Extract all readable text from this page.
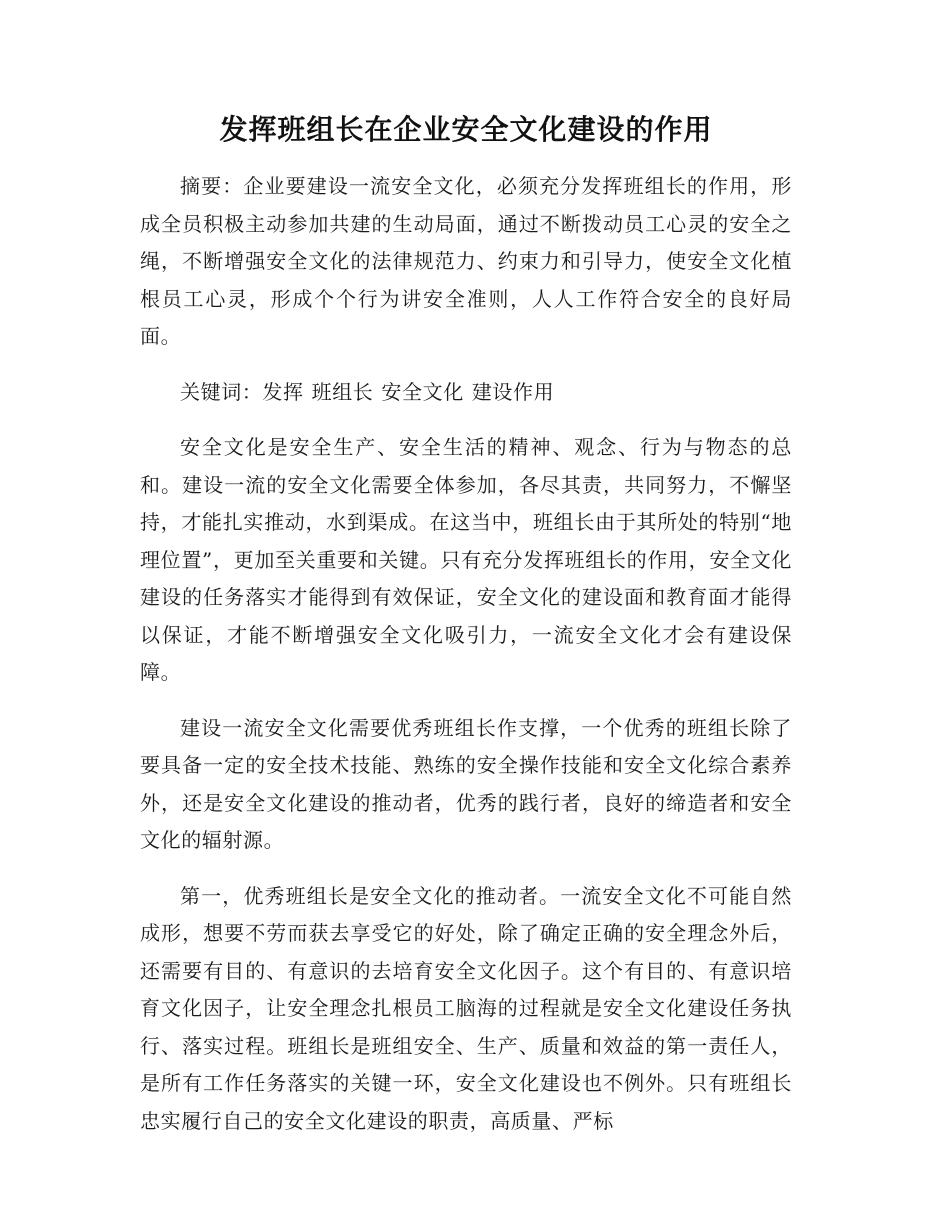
发挥班组长在企业安全文化建设的作用

摘要：企业要建设一流安全文化，必须充分发挥班组长的作用，形成全员积极主动参加共建的生动局面，通过不断拨动员工心灵的安全之绳，不断增强安全文化的法律规范力、约束力和引导力，使安全文化植根员工心灵，形成个个行为讲安全准则，人人工作符合安全的良好局面。

关键词：发挥 班组长 安全文化 建设作用

安全文化是安全生产、安全生活的精神、观念、行为与物态的总和。建设一流的安全文化需要全体参加，各尽其责，共同努力，不懈坚持，才能扎实推动，水到渠成。在这当中，班组长由于其所处的特别“地理位置”，更加至关重要和关键。只有充分发挥班组长的作用，安全文化建设的任务落实才能得到有效保证，安全文化的建设面和教育面才能得以保证，才能不断增强安全文化吸引力，一流安全文化才会有建设保障。

建设一流安全文化需要优秀班组长作支撑，一个优秀的班组长除了要具备一定的安全技术技能、熟练的安全操作技能和安全文化综合素养外，还是安全文化建设的推动者，优秀的践行者，良好的缔造者和安全文化的辐射源。

第一，优秀班组长是安全文化的推动者。一流安全文化不可能自然成形，想要不劳而获去享受它的好处，除了确定正确的安全理念外后，还需要有目的、有意识的去培育安全文化因子。这个有目的、有意识培育文化因子，让安全理念扎根员工脑海的过程就是安全文化建设任务执行、落实过程。班组长是班组安全、生产、质量和效益的第一责任人，是所有工作任务落实的关键一环，安全文化建设也不例外。只有班组长忠实履行自己的安全文化建设的职责，高质量、严标
